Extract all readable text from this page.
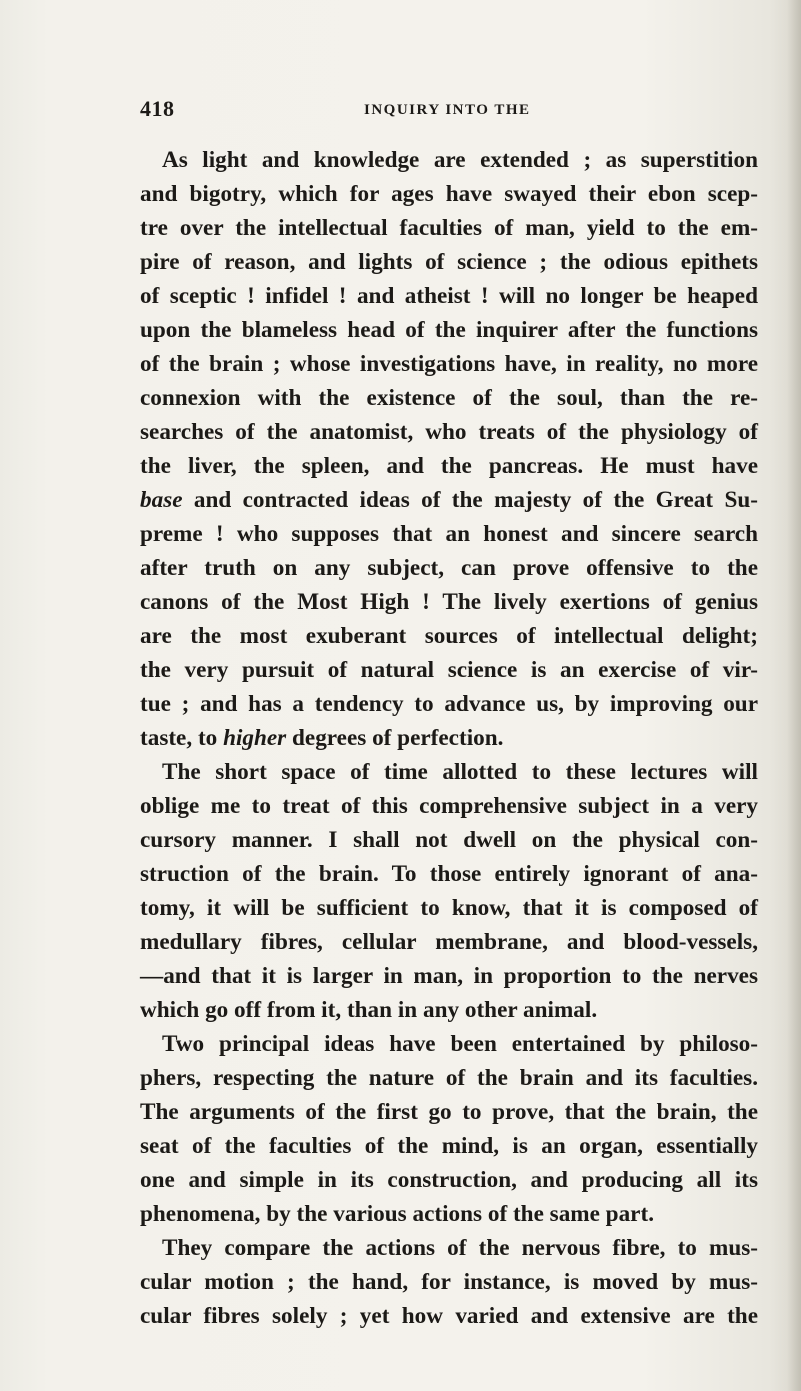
418	INQUIRY INTO THE
As light and knowledge are extended ; as superstition
and bigotry, which for ages have swayed their ebon scep-
tre over the intellectual faculties of man, yield to the em-
pire of reason, and lights of science ; the odious epithets
of sceptic ! infidel ! and atheist ! will no longer be heaped
upon the blameless head of the inquirer after the functions
of the brain ; whose investigations have, in reality, no more
connexion with the existence of the soul, than the re-
searches of the anatomist, who treats of the physiology of
the liver, the spleen, and the pancreas. He must have
base and contracted ideas of the majesty of the Great Su-
preme ! who supposes that an honest and sincere search
after truth on any subject, can prove offensive to the
canons of the Most High ! The lively exertions of genius
are the most exuberant sources of intellectual delight;
the very pursuit of natural science is an exercise of vir-
tue ; and has a tendency to advance us, by improving our
taste, to higher degrees of perfection.
The short space of time allotted to these lectures will
oblige me to treat of this comprehensive subject in a very
cursory manner. I shall not dwell on the physical con-
struction of the brain. To those entirely ignorant of ana-
tomy, it will be sufficient to know, that it is composed of
medullary fibres, cellular membrane, and blood-vessels,
—and that it is larger in man, in proportion to the nerves
which go off from it, than in any other animal.
Two principal ideas have been entertained by philoso-
phers, respecting the nature of the brain and its faculties.
The arguments of the first go to prove, that the brain, the
seat of the faculties of the mind, is an organ, essentially
one and simple in its construction, and producing all its
phenomena, by the various actions of the same part.
They compare the actions of the nervous fibre, to mus-
cular motion ; the hand, for instance, is moved by mus-
cular fibres solely ; yet how varied and extensive are the
